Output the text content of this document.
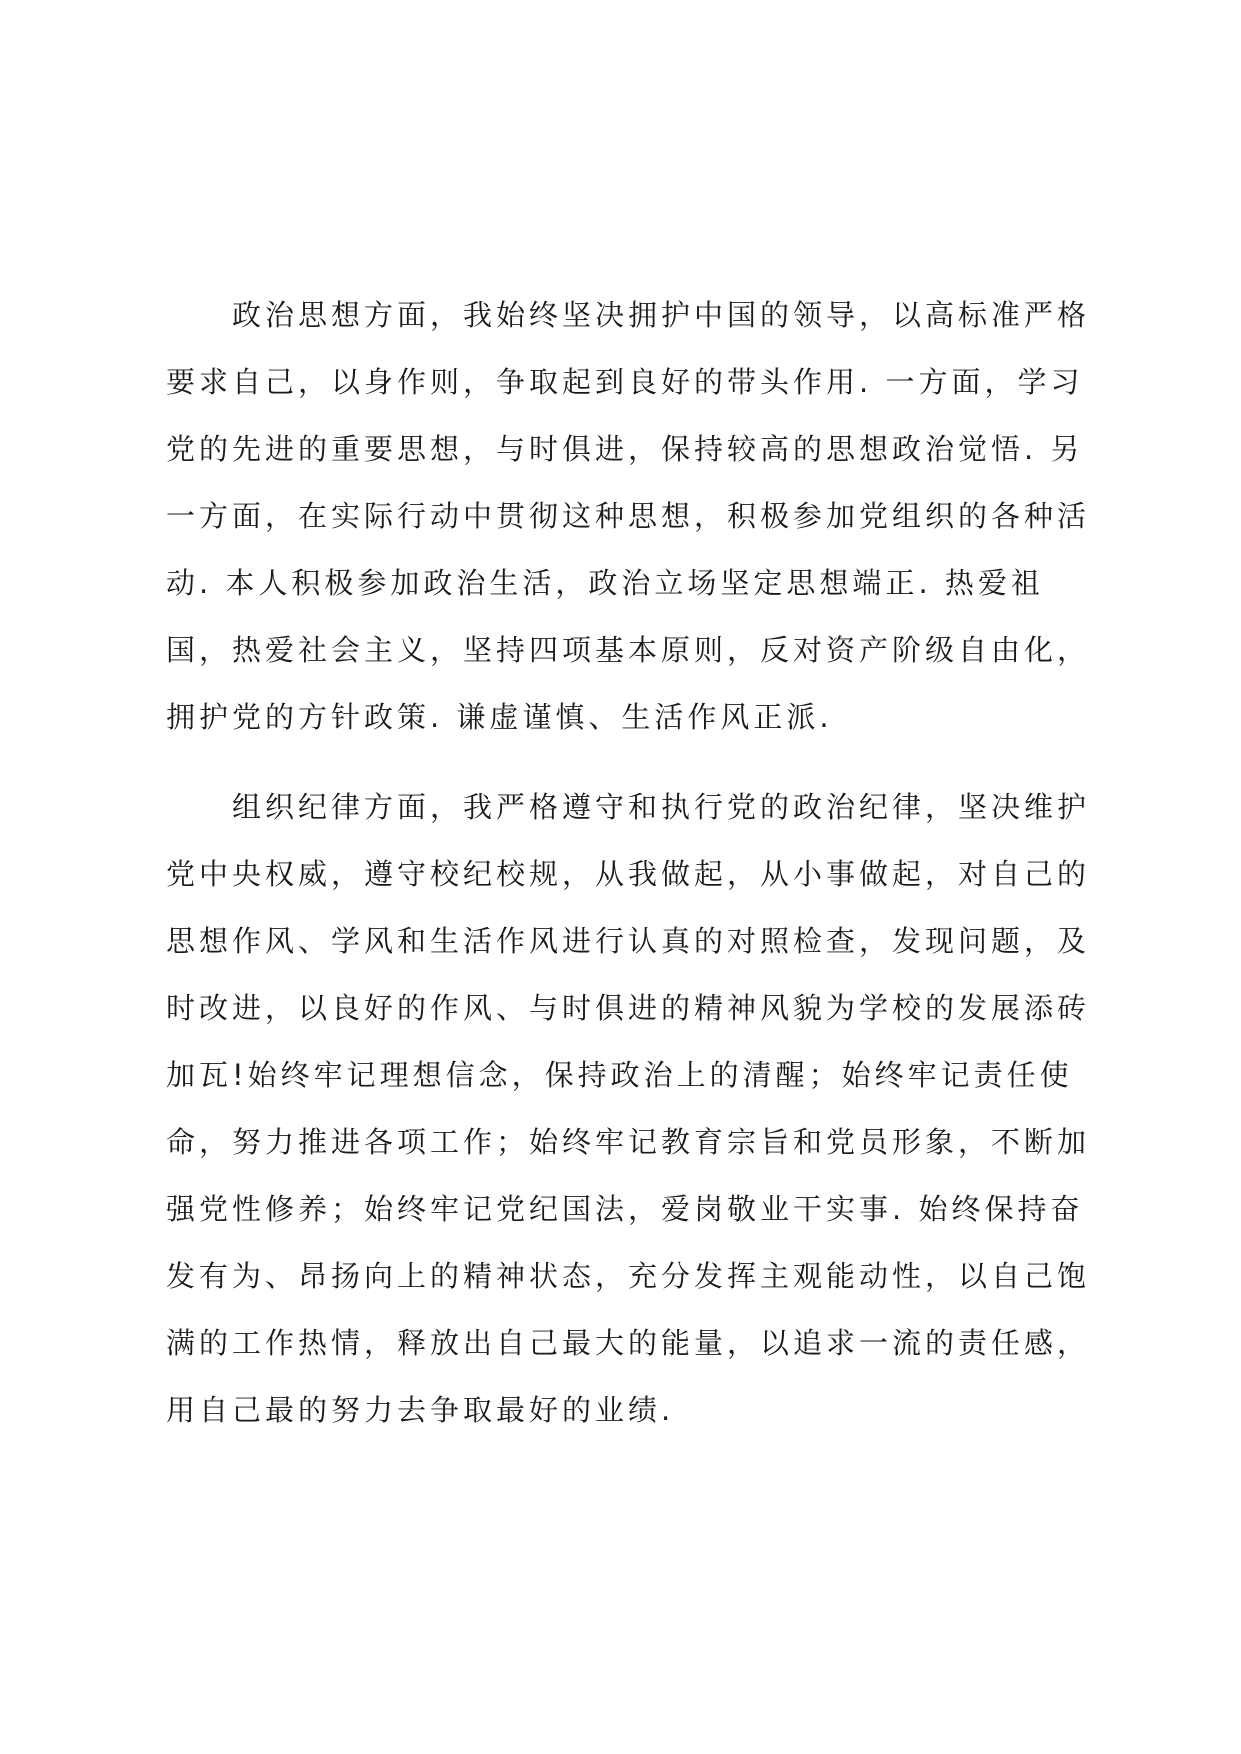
政治思想方面，我始终坚决拥护中国的领导，以高标准严格
要求自己，以身作则，争取起到良好的带头作用. 一方面，学习
党的先进的重要思想，与时俱进，保持较高的思想政治觉悟. 另
一方面，在实际行动中贯彻这种思想，积极参加党组织的各种活
动. 本人积极参加政治生活，政治立场坚定思想端正. 热爱祖
国，热爱社会主义，坚持四项基本原则，反对资产阶级自由化，
拥护党的方针政策. 谦虚谨慎、生活作风正派.
组织纪律方面，我严格遵守和执行党的政治纪律，坚决维护
党中央权威，遵守校纪校规，从我做起，从小事做起，对自己的
思想作风、学风和生活作风进行认真的对照检查，发现问题，及
时改进，以良好的作风、与时俱进的精神风貌为学校的发展添砖
加瓦!始终牢记理想信念，保持政治上的清醒；始终牢记责任使
命，努力推进各项工作；始终牢记教育宗旨和党员形象，不断加
强党性修养；始终牢记党纪国法，爱岗敬业干实事. 始终保持奋
发有为、昂扬向上的精神状态，充分发挥主观能动性，以自己饱
满的工作热情，释放出自己最大的能量，以追求一流的责任感，
用自己最的努力去争取最好的业绩.
